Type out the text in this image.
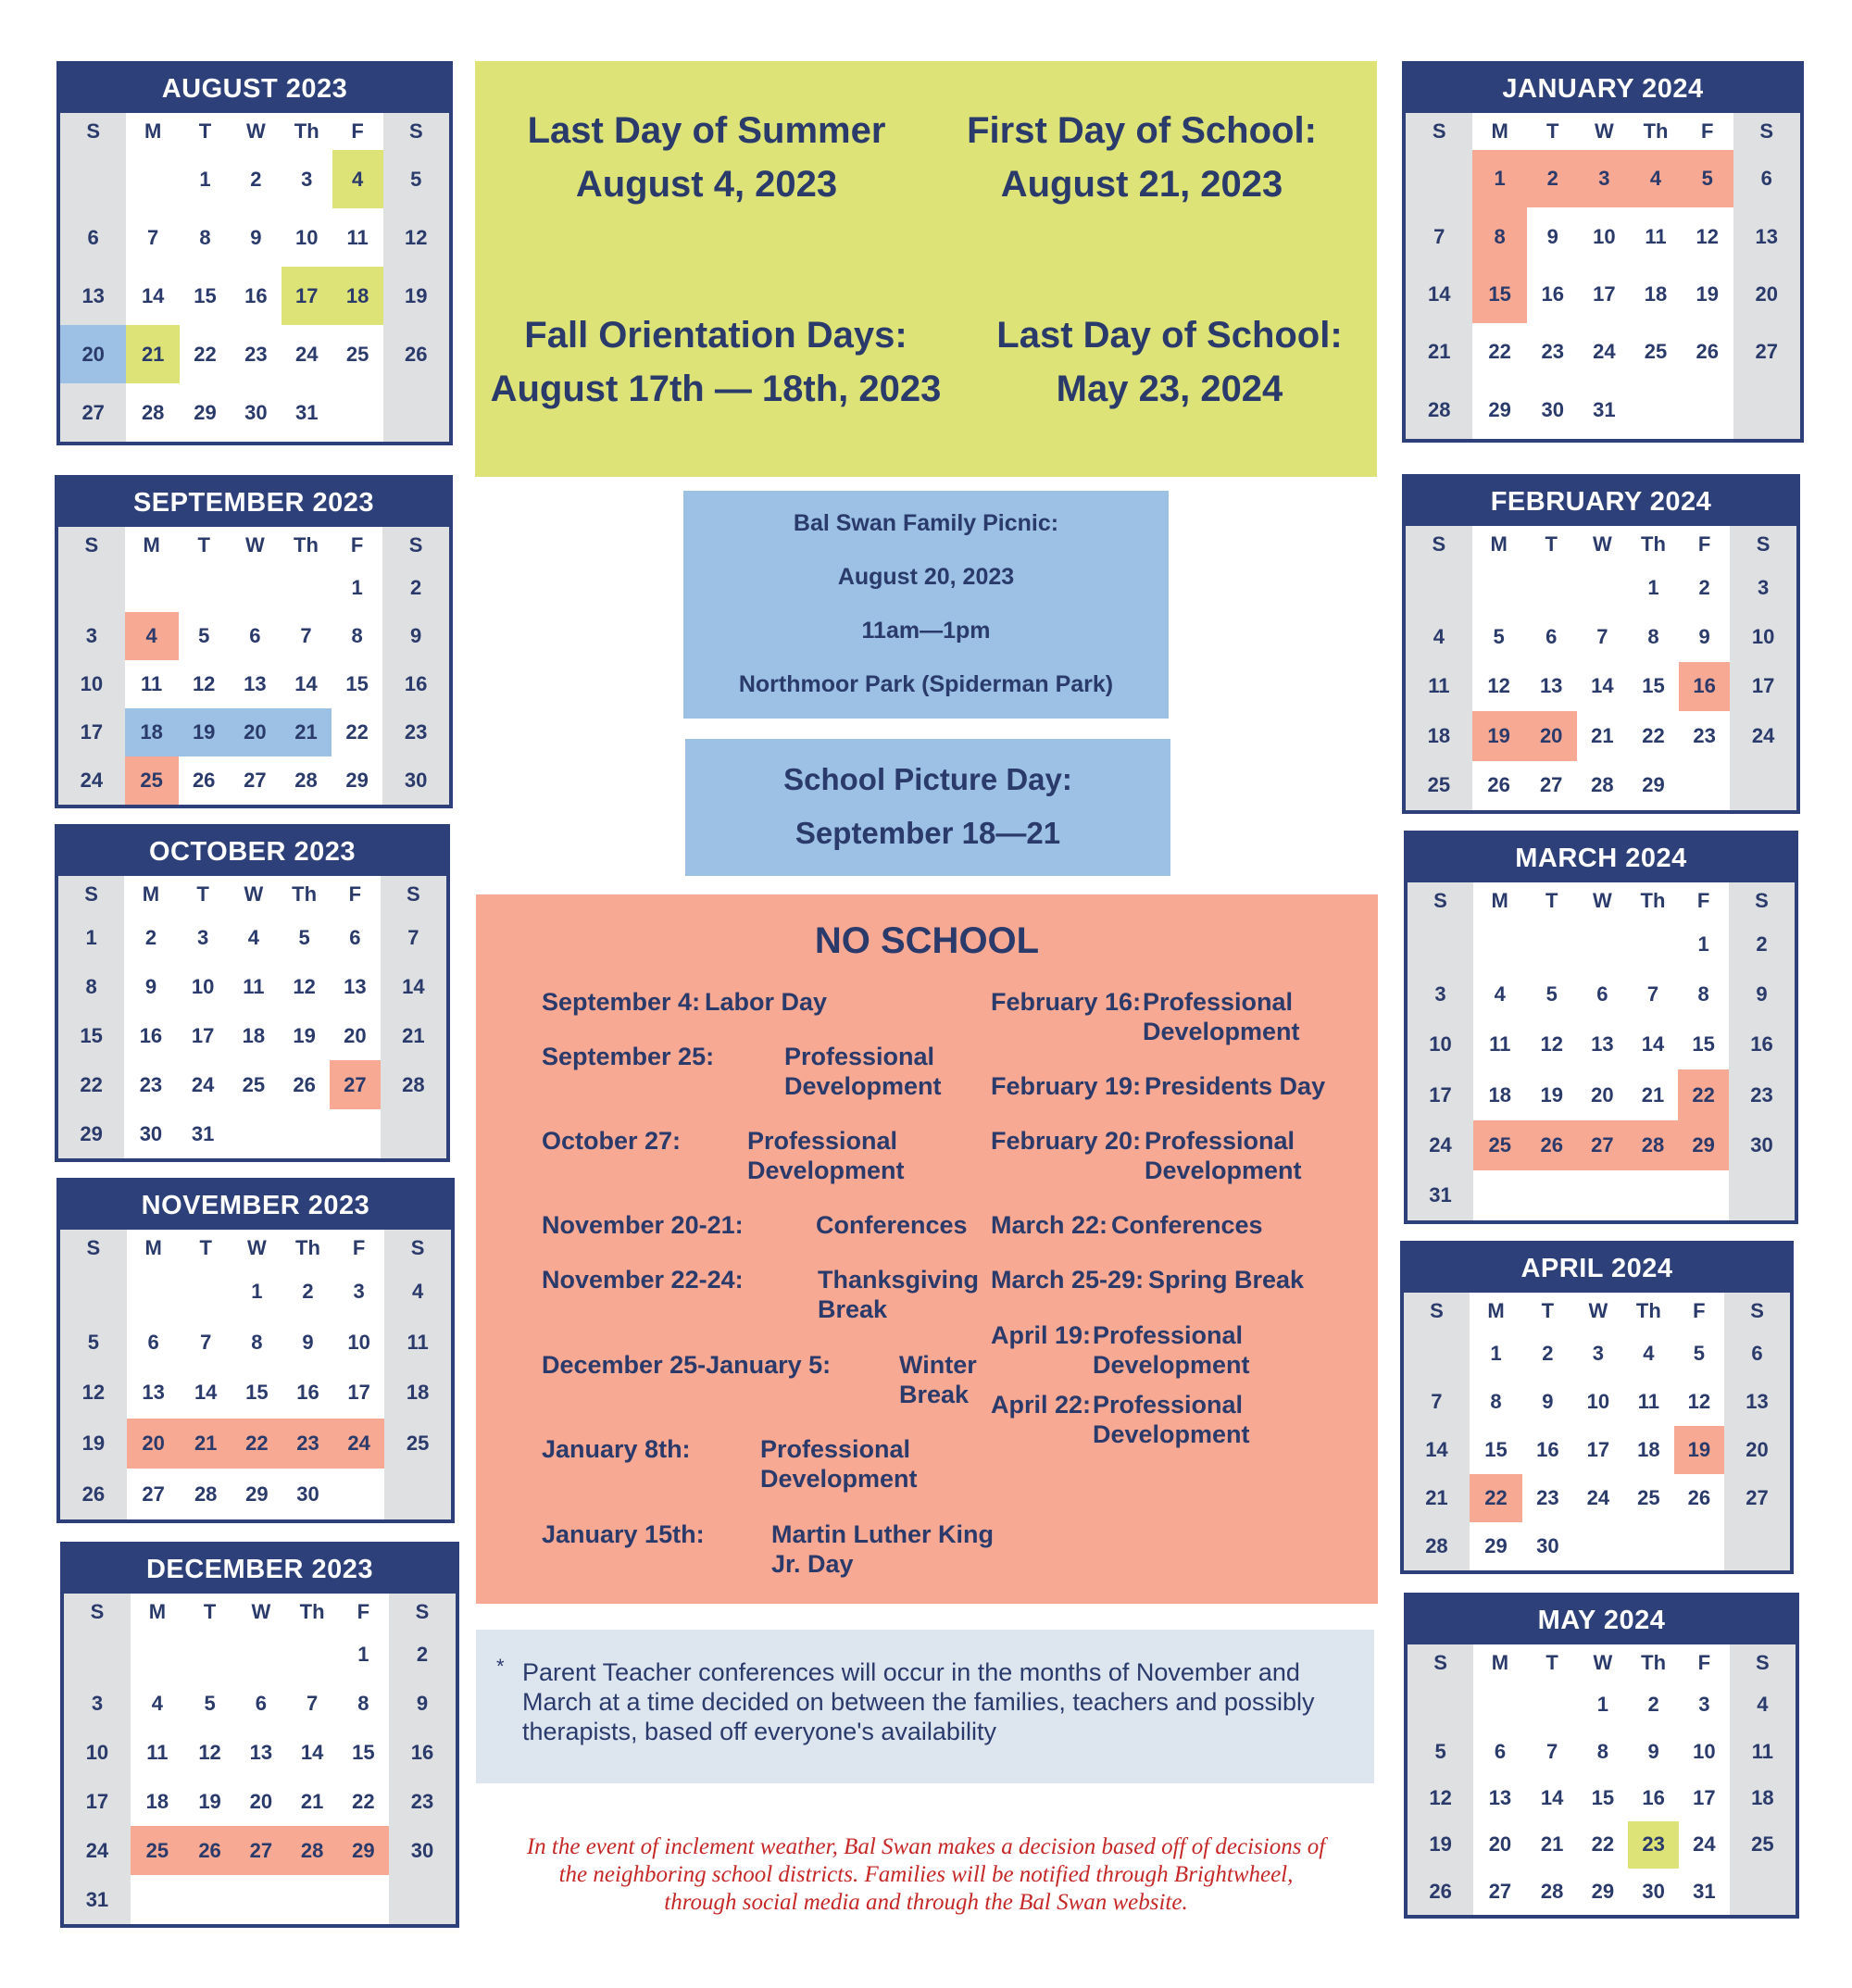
AUGUST 2023
S	M	T	W	Th	F	S
		1	2	3	4	5
6	7	8	9	10	11	12
13	14	15	16	17	18	19
20	21	22	23	24	25	26
27	28	29	30	31		
SEPTEMBER 2023
S	M	T	W	Th	F	S
					1	2
3	4	5	6	7	8	9
10	11	12	13	14	15	16
17	18	19	20	21	22	23
24	25	26	27	28	29	30
OCTOBER 2023
S	M	T	W	Th	F	S
1	2	3	4	5	6	7
8	9	10	11	12	13	14
15	16	17	18	19	20	21
22	23	24	25	26	27	28
29	30	31				
NOVEMBER 2023
S	M	T	W	Th	F	S
			1	2	3	4
5	6	7	8	9	10	11
12	13	14	15	16	17	18
19	20	21	22	23	24	25
26	27	28	29	30		
DECEMBER 2023
S	M	T	W	Th	F	S
					1	2
3	4	5	6	7	8	9
10	11	12	13	14	15	16
17	18	19	20	21	22	23
24	25	26	27	28	29	30
31						
JANUARY 2024
S	M	T	W	Th	F	S
	1	2	3	4	5	6
7	8	9	10	11	12	13
14	15	16	17	18	19	20
21	22	23	24	25	26	27
28	29	30	31			
FEBRUARY 2024
S	M	T	W	Th	F	S
				1	2	3
4	5	6	7	8	9	10
11	12	13	14	15	16	17
18	19	20	21	22	23	24
25	26	27	28	29		
MARCH 2024
S	M	T	W	Th	F	S
					1	2
3	4	5	6	7	8	9
10	11	12	13	14	15	16
17	18	19	20	21	22	23
24	25	26	27	28	29	30
31						
APRIL 2024
S	M	T	W	Th	F	S
	1	2	3	4	5	6
7	8	9	10	11	12	13
14	15	16	17	18	19	20
21	22	23	24	25	26	27
28	29	30				
MAY 2024
S	M	T	W	Th	F	S
			1	2	3	4
5	6	7	8	9	10	11
12	13	14	15	16	17	18
19	20	21	22	23	24	25
26	27	28	29	30	31	
Last Day of Summer
August 4, 2023
First Day of School:
August 21, 2023
Fall Orientation Days:
August 17th — 18th, 2023
Last Day of School:
May 23, 2024
Bal Swan Family Picnic:
August 20, 2023
11am—1pm
Northmoor Park (Spiderman Park)
School Picture Day:
September 18—21
NO SCHOOL
September 4: Labor Day
September 25:	Professional
Development
October 27:	Professional
Development
November 20-21:	Conferences
November 22-24:	Thanksgiving
Break
December 25-January 5:	Winter
Break
January 8th:	Professional
Development
January 15th:	Martin Luther King
Jr. Day
February 16: Professional
Development
February 19: Presidents Day
February 20: Professional
Development
March 22: Conferences
March 25-29: Spring Break
April 19: Professional
Development
April 22: Professional
Development
* Parent Teacher conferences will occur in the months of November and
March at a time decided on between the families, teachers and possibly
therapists, based off everyone's availability
In the event of inclement weather, Bal Swan makes a decision based off of decisions of
the neighboring school districts. Families will be notified through Brightwheel,
through social media and through the Bal Swan website.
